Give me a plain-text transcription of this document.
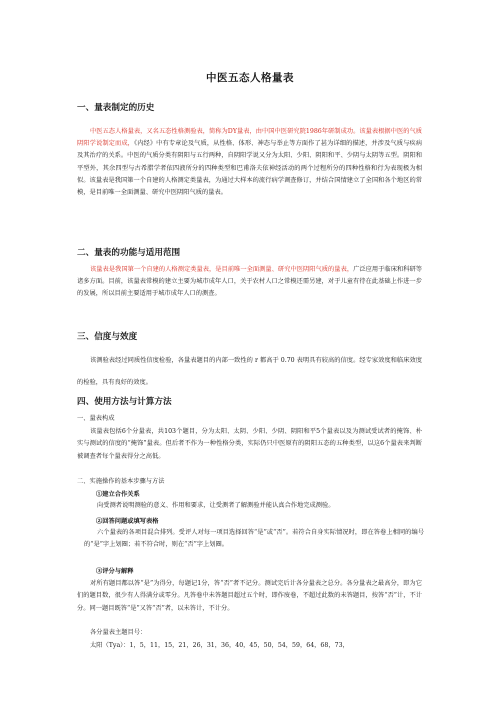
中医五态人格量表
一、量表制定的历史
中医五态人格量表，又名五态性格测验表，简称为DY量表，由中国中医研究院1986年研制成功。该量表根据中医的气质阴阳学说制定而成，《内经》中有专章论及气质，从性格、体形、神态与举止等方面作了甚为详细的描述，并涉及气质与疾病及其治疗的关系。中医的气质分类有阴阳与五行两种，自阴阳学说又分为太阳、少阳、阴阳和平、少阴与太阴等五型。阴阳和平型外，其余四型与古希腊学者依四液所分的四种类型和巴甫洛夫依神经活动的两个过程所分的四种性格和行为表现极为相似。该量表是我国第一个自建的人格测定类量表，为通过大样本的流行病学调查修订，并结合国情建立了全国和各个地区的常模，是目前唯一全面测量、研究中医阴阳气质的量表。
二、量表的功能与适用范围
该量表是我国第一个自建的人格测定类量表，是目前唯一全面测量、研究中医阴阳气质的量表，广泛应用于临床和科研等诸多方面。目前，该量表常模的建立主要为城市成年人口，关于农村人口之常模还需另建，对于儿童有待在此基础上作进一步的发展，所以目前主要适用于城市成年人口的测查。
三、信度与效度
该测验表经过同质性信度检验，各量表题目的内部一致性的 r 都高于 0.70 表明具有较高的信度。经专家效度和临床效度的检验，具有良好的效度。
四、使用方法与计算方法
一、量表构成
该量表包括6个分量表，共103个题目，分为太阳、太阴、少阳、少阴、阴阳和平5个量表以及为测试受试者的掩饰、朴实与测试的信度的“掩饰”量表。但后者不作为一种性格分类，实际仍只中医原有的阴阳五态的五种类型，以这6个量表来判断被调查者每个量表得分之高低。
二、实施操作的基本步骤与方法
①建立合作关系
向受测者说明测验的意义、作用和要求，让受测者了解测验并能认真合作地完成测验。
②回答问题或填写表格
六个量表的各项目混合排列。受评人对每一项目选择回答“是”或“否”。若符合自身实际情况时，即在答卷上相同的编号的“是”字上划圈；若不符合时，则在“否”字上划圈。
③评分与解释
对所有题目都以答“是”为得分，每题记1分，答“否”者不记分。测试完后计各分量表之总分。各分量表之最高分，即为它们的题目数，很少有人得满分或零分。凡答卷中未答题目超过五个时，即作废卷，不超过此数的未答题目，按答“否”计，不计分。同一题目既答“是”又答“否”者，以未答计，不计分。
各分量表主题目号：
太阳（Tya）：1，5，11，15，21，26，31，36，40，45，50，54，59，64，68，73，
